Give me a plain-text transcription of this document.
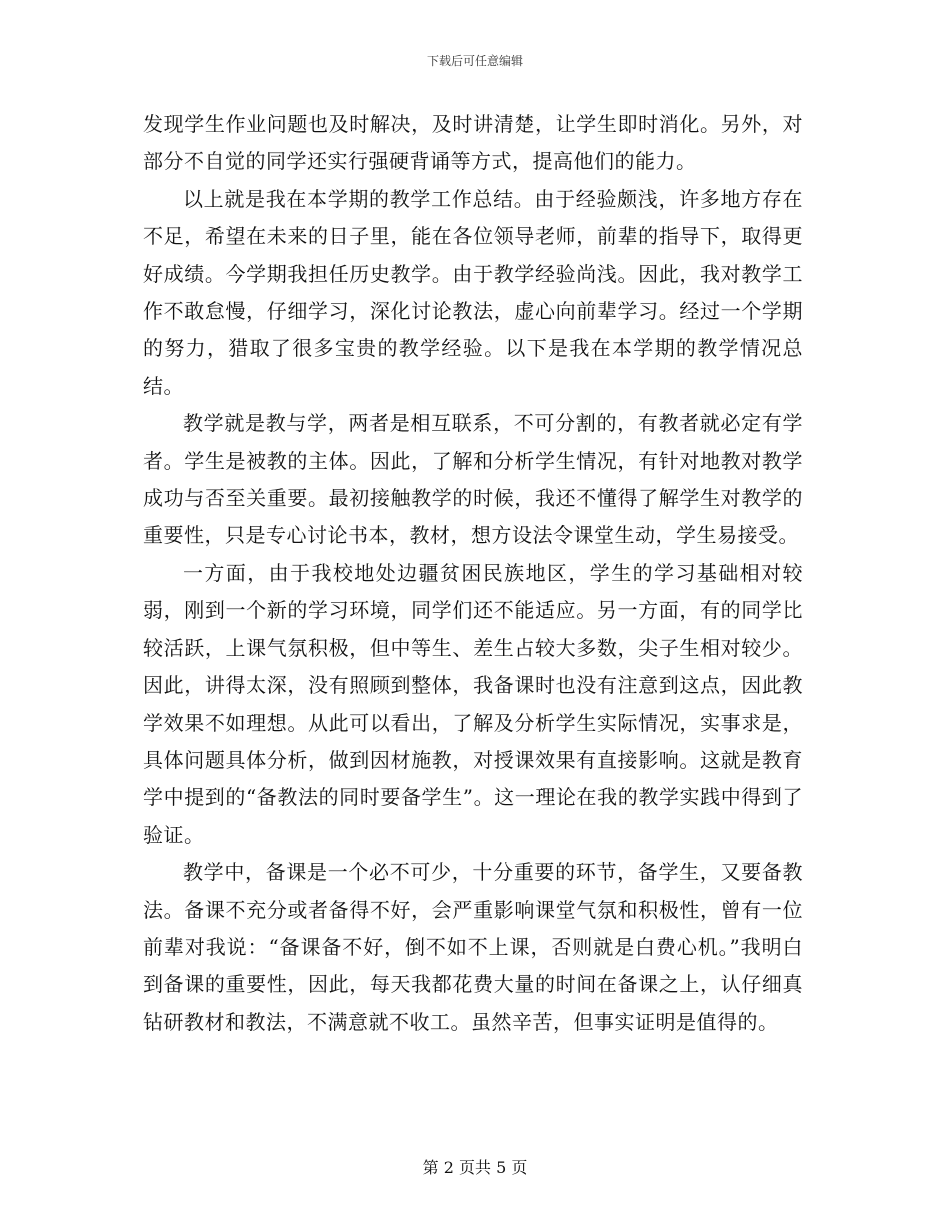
下载后可任意编辑

发现学生作业问题也及时解决，及时讲清楚，让学生即时消化。另外，对部分不自觉的同学还实行强硬背诵等方式，提高他们的能力。

以上就是我在本学期的教学工作总结。由于经验颇浅，许多地方存在不足，希望在未来的日子里，能在各位领导老师，前辈的指导下，取得更好成绩。今学期我担任历史教学。由于教学经验尚浅。因此，我对教学工作不敢怠慢，仔细学习，深化讨论教法，虚心向前辈学习。经过一个学期的努力，猎取了很多宝贵的教学经验。以下是我在本学期的教学情况总结。

教学就是教与学，两者是相互联系，不可分割的，有教者就必定有学者。学生是被教的主体。因此，了解和分析学生情况，有针对地教对教学成功与否至关重要。最初接触教学的时候，我还不懂得了解学生对教学的重要性，只是专心讨论书本，教材，想方设法令课堂生动，学生易接受。

一方面，由于我校地处边疆贫困民族地区，学生的学习基础相对较弱，刚到一个新的学习环境，同学们还不能适应。另一方面，有的同学比较活跃，上课气氛积极，但中等生、差生占较大多数，尖子生相对较少。因此，讲得太深，没有照顾到整体，我备课时也没有注意到这点，因此教学效果不如理想。从此可以看出，了解及分析学生实际情况，实事求是，具体问题具体分析，做到因材施教，对授课效果有直接影响。这就是教育学中提到的“备教法的同时要备学生”。这一理论在我的教学实践中得到了验证。

教学中，备课是一个必不可少，十分重要的环节，备学生，又要备教法。备课不充分或者备得不好，会严重影响课堂气氛和积极性，曾有一位前辈对我说：“备课备不好，倒不如不上课，否则就是白费心机。”我明白到备课的重要性，因此，每天我都花费大量的时间在备课之上，认仔细真钻研教材和教法，不满意就不收工。虽然辛苦，但事实证明是值得的。

第 2 页共 5 页
